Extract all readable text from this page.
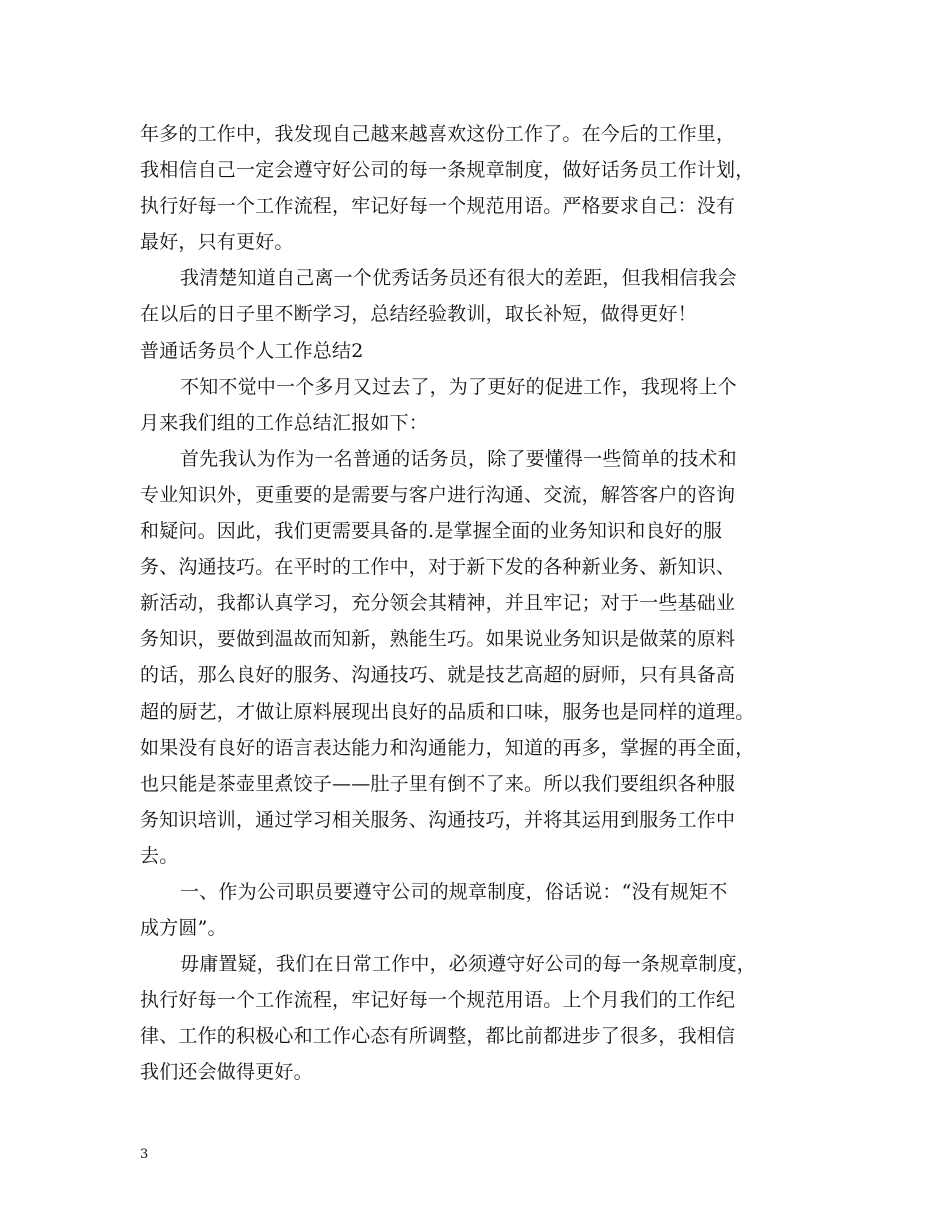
年多的工作中，我发现自己越来越喜欢这份工作了。在今后的工作里，
我相信自己一定会遵守好公司的每一条规章制度，做好话务员工作计划，
执行好每一个工作流程，牢记好每一个规范用语。严格要求自己：没有
最好，只有更好。
我清楚知道自己离一个优秀话务员还有很大的差距，但我相信我会
在以后的日子里不断学习，总结经验教训，取长补短，做得更好！
普通话务员个人工作总结2
不知不觉中一个多月又过去了，为了更好的促进工作，我现将上个
月来我们组的工作总结汇报如下：
首先我认为作为一名普通的话务员，除了要懂得一些简单的技术和
专业知识外，更重要的是需要与客户进行沟通、交流，解答客户的咨询
和疑问。因此，我们更需要具备的.是掌握全面的业务知识和良好的服
务、沟通技巧。在平时的工作中，对于新下发的各种新业务、新知识、
新活动，我都认真学习，充分领会其精神，并且牢记；对于一些基础业
务知识，要做到温故而知新，熟能生巧。如果说业务知识是做菜的原料
的话，那么良好的服务、沟通技巧、就是技艺高超的厨师，只有具备高
超的厨艺，才做让原料展现出良好的品质和口味，服务也是同样的道理。
如果没有良好的语言表达能力和沟通能力，知道的再多，掌握的再全面，
也只能是茶壶里煮饺子——肚子里有倒不了来。所以我们要组织各种服
务知识培训，通过学习相关服务、沟通技巧，并将其运用到服务工作中
去。
一、作为公司职员要遵守公司的规章制度，俗话说：“没有规矩不
成方圆”。
毋庸置疑，我们在日常工作中，必须遵守好公司的每一条规章制度，
执行好每一个工作流程，牢记好每一个规范用语。上个月我们的工作纪
律、工作的积极心和工作心态有所调整，都比前都进步了很多，我相信
我们还会做得更好。
3
